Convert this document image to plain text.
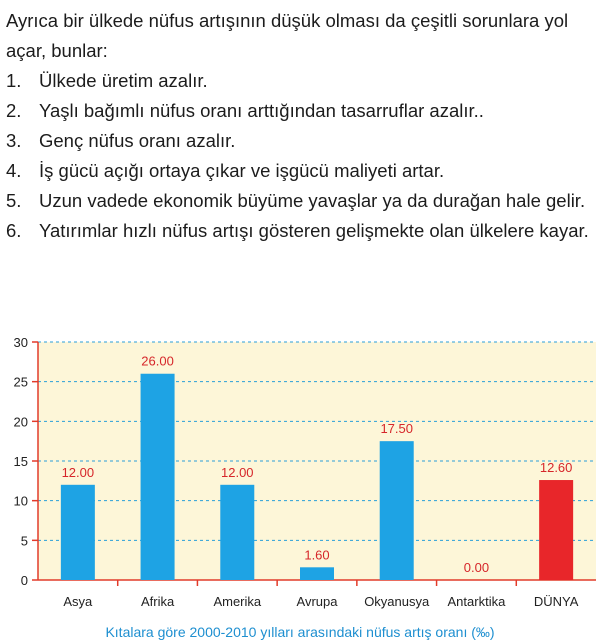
Ayrıca bir ülkede nüfus artışının düşük olması da çeşitli sorunlara yol açar, bunlar:
1. Ülkede üretim azalır.
2. Yaşlı bağımlı nüfus oranı arttığından tasarruflar azalır..
3. Genç nüfus oranı azalır.
4. İş gücü açığı ortaya çıkar ve işgücü maliyeti artar.
5. Uzun vadede ekonomik büyüme yavaşlar ya da durağan hale gelir.
6. Yatırımlar hızlı nüfus artışı gösteren gelişmekte olan ülkelere kayar.
0
5
10
15
20
25
30
12.00
Asya
26.00
Afrika
12.00
Amerika
1.60
Avrupa
17.50
Okyanusya
0.00
Antarktika
12.60
DÜNYA
Kıtalara göre 2000-2010 yılları arasındaki nüfus artış oranı (‰)
